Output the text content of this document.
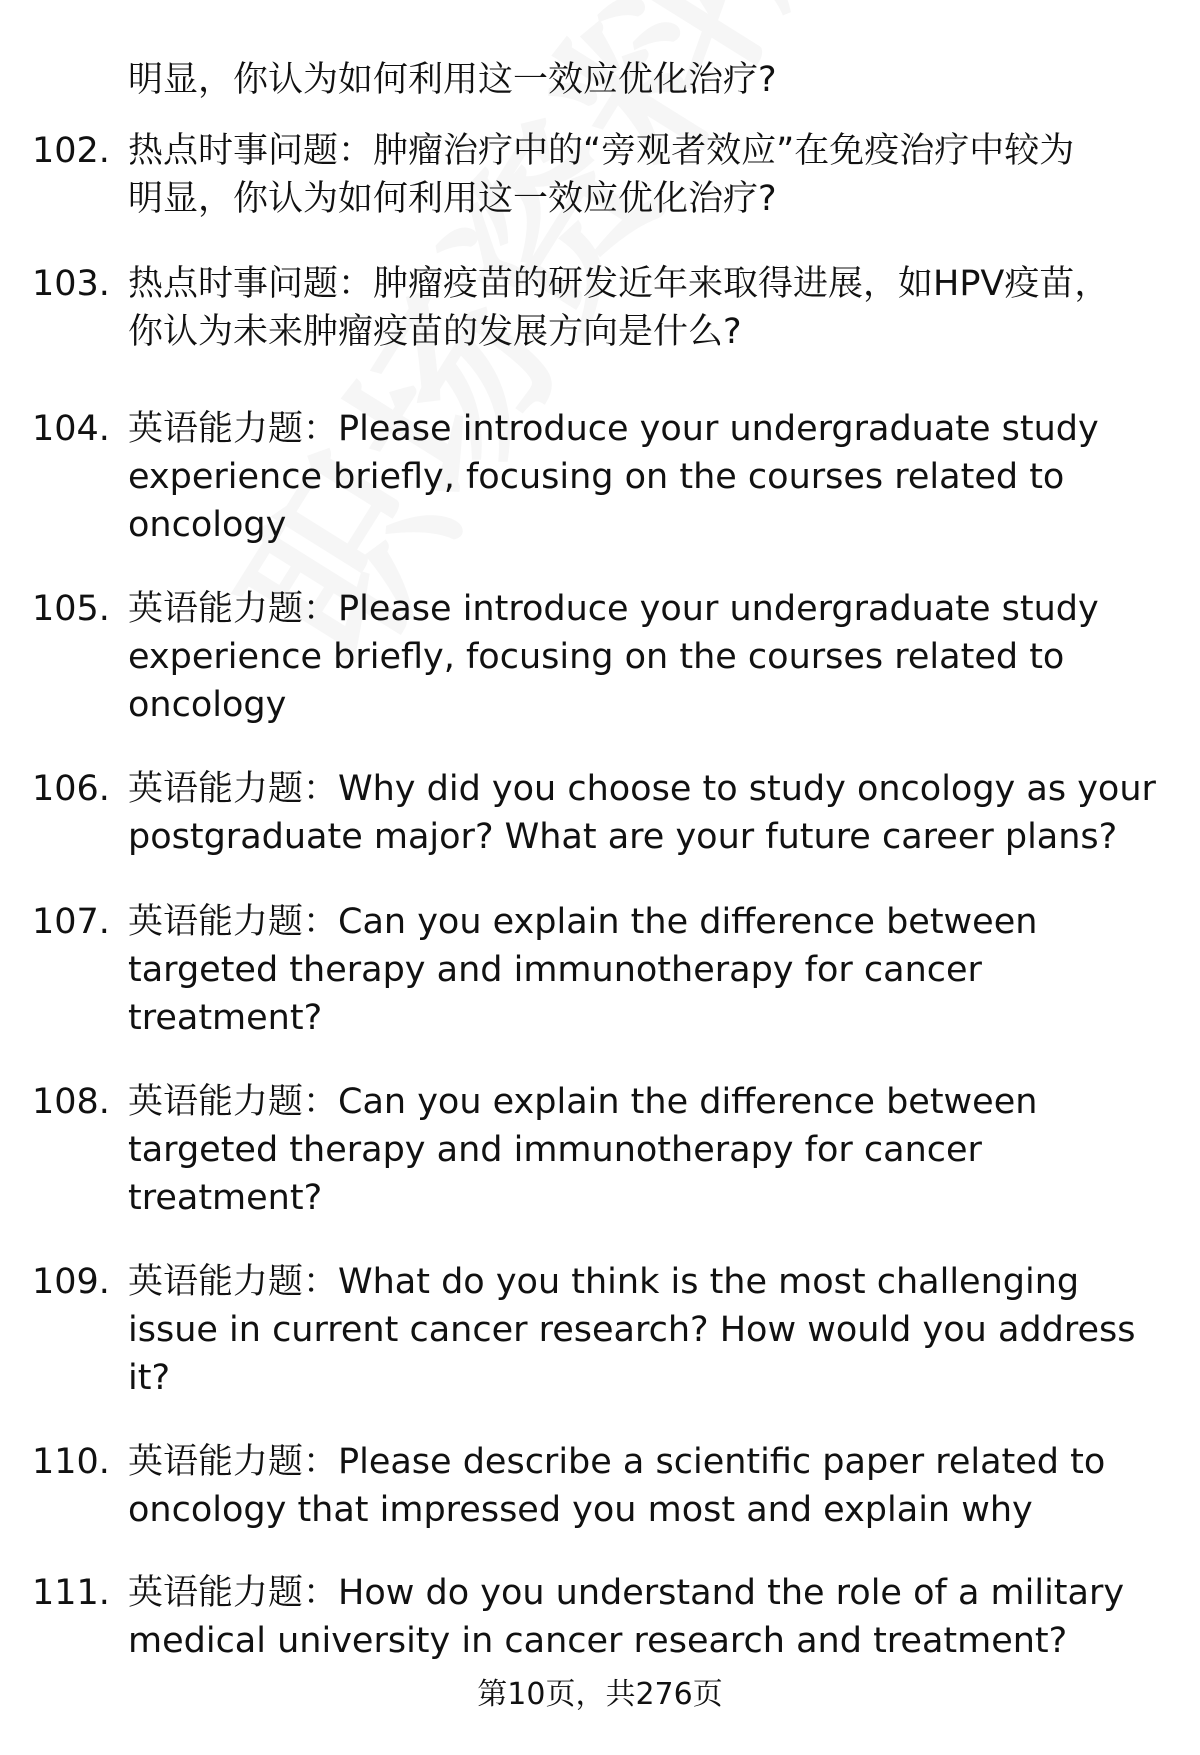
明显，你认为如何利用这一效应优化治疗?
102. 热点时事问题：肿瘤治疗中的“旁观者效应”在免疫治疗中较为
明显，你认为如何利用这一效应优化治疗?
103. 热点时事问题：肿瘤疫苗的研发近年来取得进展，如HPV疫苗，
你认为未来肿瘤疫苗的发展方向是什么?
104. 英语能力题：Please introduce your undergraduate study
experience briefly, focusing on the courses related to
oncology
105. 英语能力题：Please introduce your undergraduate study
experience briefly, focusing on the courses related to
oncology
106. 英语能力题：Why did you choose to study oncology as your
postgraduate major? What are your future career plans?
107. 英语能力题：Can you explain the difference between
targeted therapy and immunotherapy for cancer
treatment?
108. 英语能力题：Can you explain the difference between
targeted therapy and immunotherapy for cancer
treatment?
109. 英语能力题：What do you think is the most challenging
issue in current cancer research? How would you address
it?
110. 英语能力题：Please describe a scientific paper related to
oncology that impressed you most and explain why
111. 英语能力题：How do you understand the role of a military
medical university in cancer research and treatment?
第10页，共276页
